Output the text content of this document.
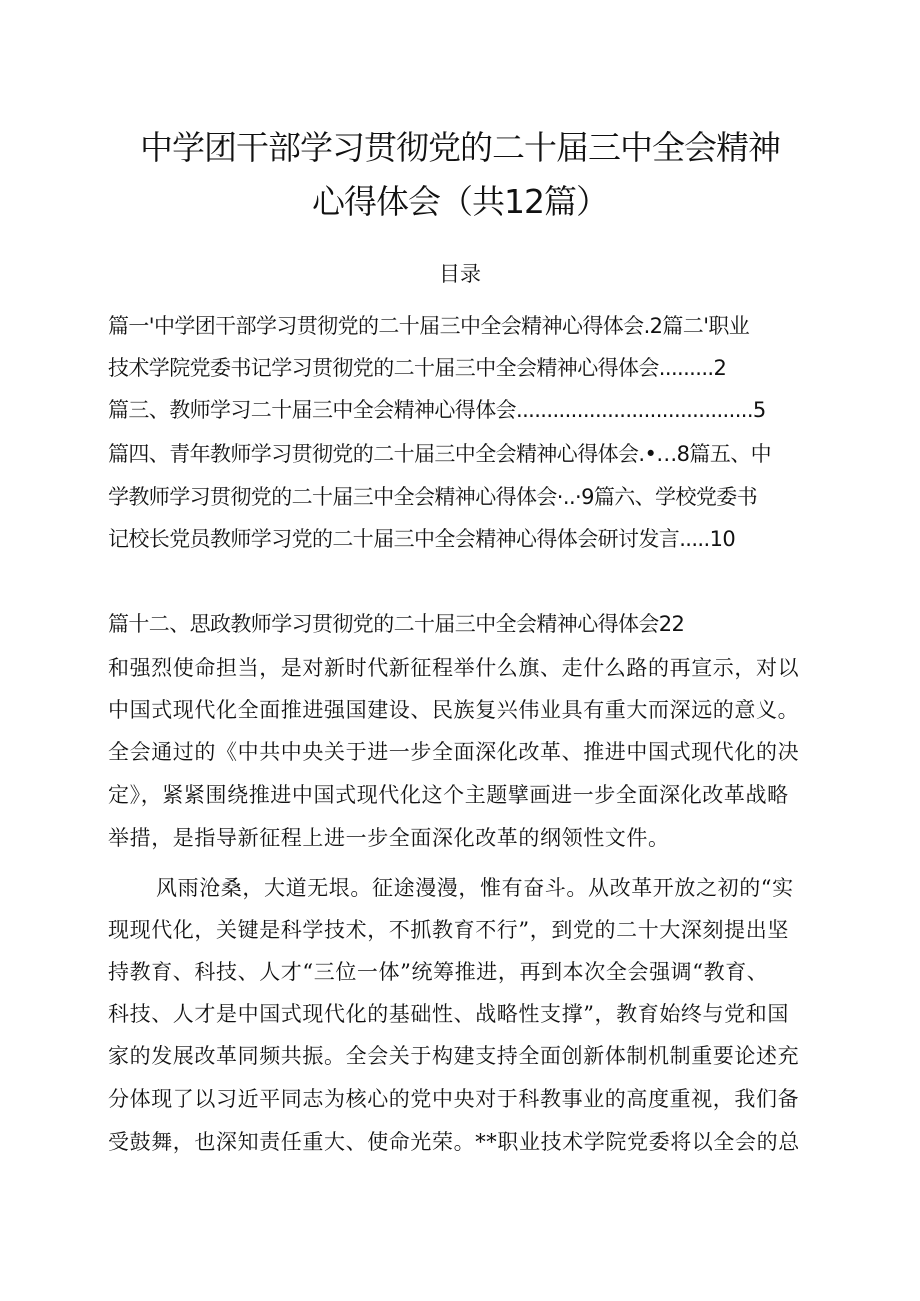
中学团干部学习贯彻党的二十届三中全会精神
心得体会（共12篇）
目录
篇一'中学团干部学习贯彻党的二十届三中全会精神心得体会.2篇二'职业
技术学院党委书记学习贯彻党的二十届三中全会精神心得体会.........2
篇三、教师学习二十届三中全会精神心得体会.......................................5
篇四、青年教师学习贯彻党的二十届三中全会精神心得体会.•…8篇五、中
学教师学习贯彻党的二十届三中全会精神心得体会·..·9篇六、学校党委书
记校长党员教师学习党的二十届三中全会精神心得体会研讨发言.....10
篇十二、思政教师学习贯彻党的二十届三中全会精神心得体会22
和强烈使命担当，是对新时代新征程举什么旗、走什么路的再宣示，对以
中国式现代化全面推进强国建设、民族复兴伟业具有重大而深远的意义。
全会通过的《中共中央关于进一步全面深化改革、推进中国式现代化的决
定》，紧紧围绕推进中国式现代化这个主题擘画进一步全面深化改革战略
举措，是指导新征程上进一步全面深化改革的纲领性文件。
风雨沧桑，大道无垠。征途漫漫，惟有奋斗。从改革开放之初的“实
现现代化，关键是科学技术，不抓教育不行”，到党的二十大深刻提出坚
持教育、科技、人才“三位一体”统筹推进，再到本次全会强调“教育、
科技、人才是中国式现代化的基础性、战略性支撑”，教育始终与党和国
家的发展改革同频共振。全会关于构建支持全面创新体制机制重要论述充
分体现了以习近平同志为核心的党中央对于科教事业的高度重视，我们备
受鼓舞，也深知责任重大、使命光荣。**职业技术学院党委将以全会的总
